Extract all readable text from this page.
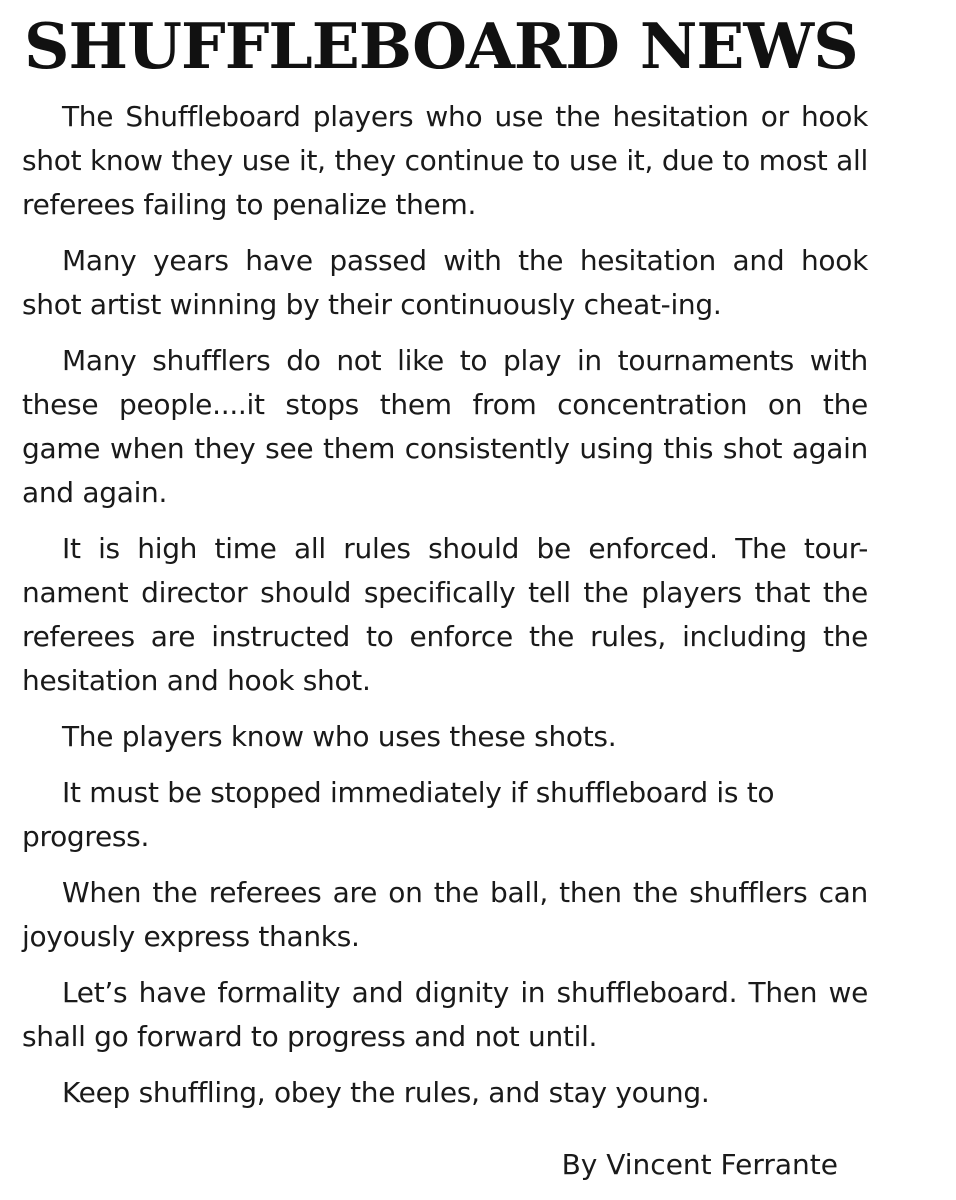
SHUFFLEBOARD NEWS

The Shuffleboard players who use the hesitation or hook shot know they use it, they continue to use it, due to most all referees failing to penalize them.

Many years have passed with the hesitation and hook shot artist winning by their continuously cheat-ing.

Many shufflers do not like to play in tournaments with these people....it stops them from concentration on the game when they see them consistently using this shot again and again.

It is high time all rules should be enforced. The tour-nament director should specifically tell the players that the referees are instructed to enforce the rules, including the hesitation and hook shot.

The players know who uses these shots.

It must be stopped immediately if shuffleboard is to progress.

When the referees are on the ball, then the shufflers can joyously express thanks.

Let’s have formality and dignity in shuffleboard. Then we shall go forward to progress and not until.

Keep shuffling, obey the rules, and stay young.

By Vincent Ferrante
